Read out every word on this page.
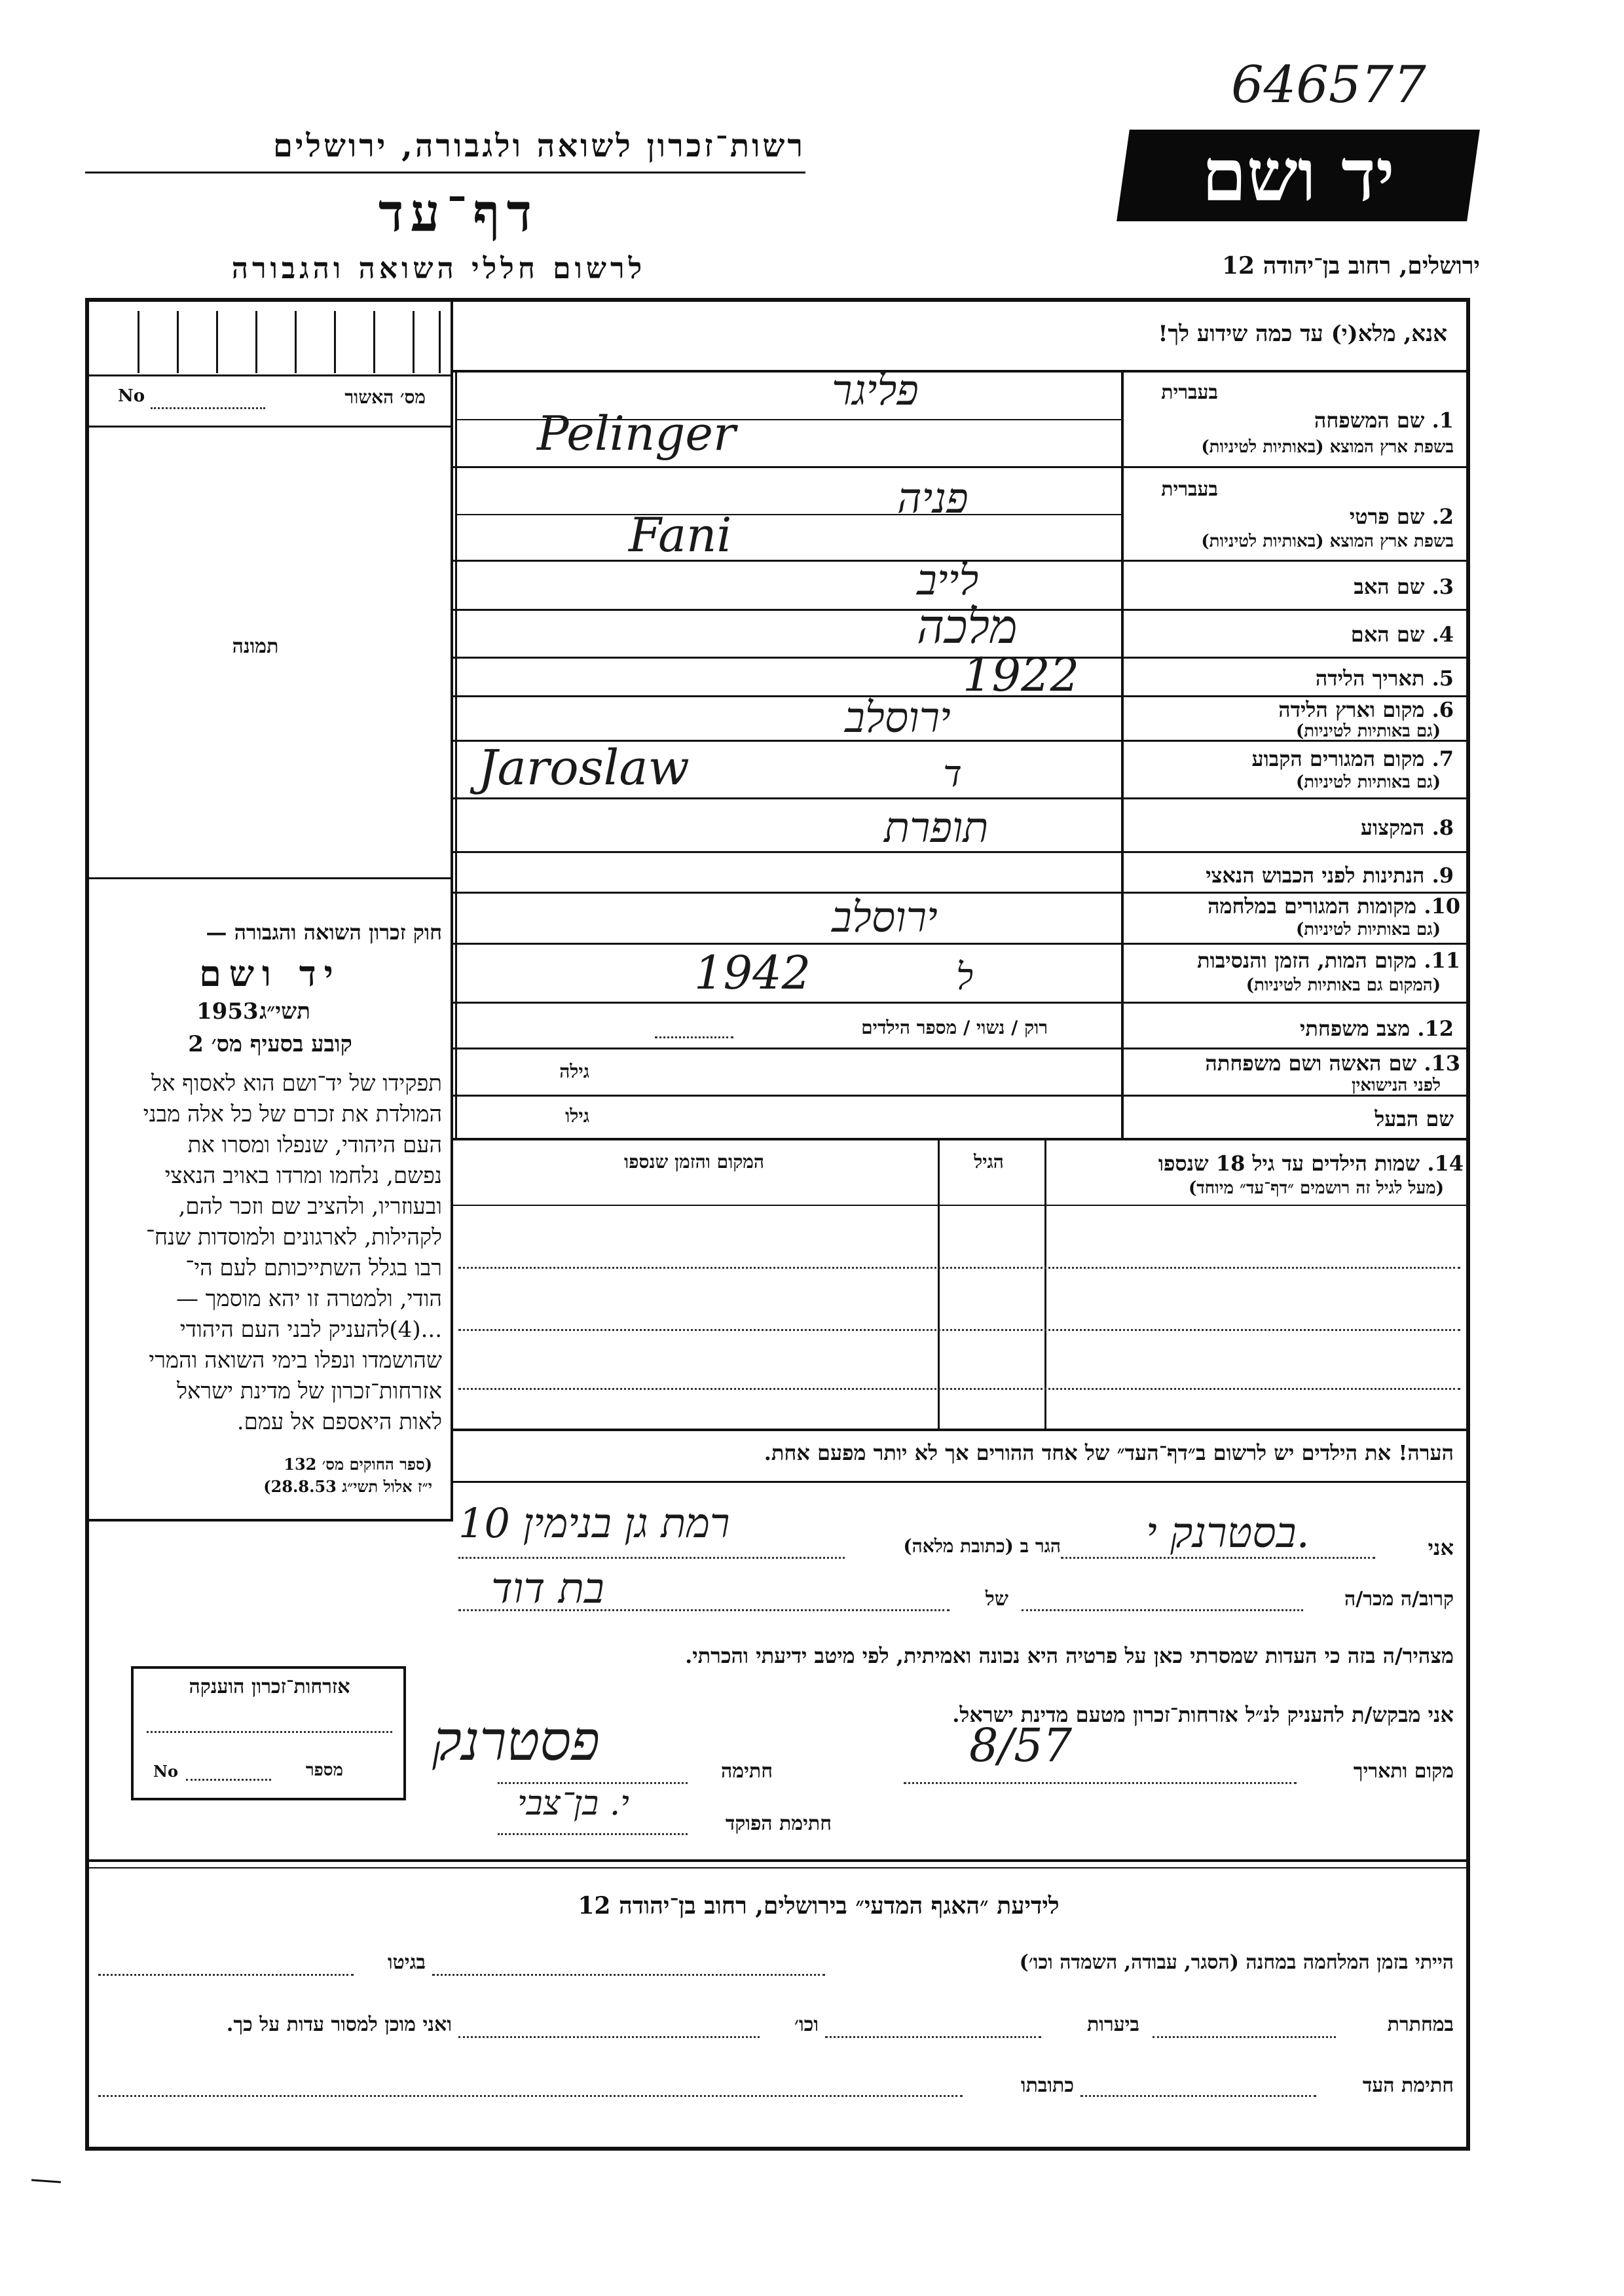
646577
רשות־זכרון לשואה ולגבורה, ירושלים
דף־עד
לרשום חללי השואה והגבורה
יד ושם
ירושלים, רחוב בן־יהודה 12
מס׳ האשור
No
תמונה
חוק זכרון השואה והגבורה —
יד ושם
תשי״ג
1953
קובע בסעיף מס׳ 2
תפקידו של יד־ושם הוא לאסוף אל
המולדת את זכרם של כל אלה מבני
העם היהודי, שנפלו ומסרו את
נפשם, נלחמו ומרדו באויב הנאצי
ובעוזריו, ולהציב שם וזכר להם,
לקהילות, לארגונים ולמוסדות שנח־
רבו בגלל השתייכותם לעם הי־
הודי, ולמטרה זו יהא מוסמך —
...(4)להעניק לבני העם היהודי
שהושמדו ונפלו בימי השואה והמרי
אזרחות־זכרון של מדינת ישראל
לאות היאספם אל עמם.
(ספר החוקים מס׳ 132
י״ז אלול תשי״ג 28.8.53)
אנא, מלא(י) עד כמה שידוע לך!
בעברית
1. שם המשפחה
בשפת ארץ המוצא (באותיות לטיניות)
בעברית
2. שם פרטי
בשפת ארץ המוצא (באותיות לטיניות)
3. שם האב
4. שם האם
5. תאריך הלידה
6. מקום וארץ הלידה
(גם באותיות לטיניות)
7. מקום המגורים הקבוע
(גם באותיות לטיניות)
8. המקצוע
9. הנתינות לפני הכבוש הנאצי
10. מקומות המגורים במלחמה
(גם באותיות לטיניות)
11. מקום המות, הזמן והנסיבות
(המקום גם באותיות לטיניות)
12. מצב משפחתי
רוק / נשוי / מספר הילדים
13. שם האשה ושם משפחתה
לפני הנישואין
גילה
שם הבעל
גילו
14. שמות הילדים עד גיל 18 שנספו
(מעל לגיל זה רושמים ״דף־עד״ מיוחד)
הגיל
המקום והזמן שנספו
הערה! את הילדים יש לרשום ב״דף־העד״ של אחד ההורים אך לא יותר מפעם אחת.
פליגר
Pelinger
פניה
Fani
לייב
מלכה
1922
ירוסלב
Jaroslaw	ד
תופרת
ירוסלב
1942	ל
אני
בסטרנק י.
הגר ב (כתובת מלאה)
רמת גן בנימין 10
קרוב/ה מכר/ה
של
בת דוד
מצהיר/ה בזה כי העדות שמסרתי כאן על פרטיה היא נכונה ואמיתית, לפי מיטב ידיעתי והכרתי.
אני מבקש/ת להעניק לנ״ל אזרחות־זכרון מטעם מדינת ישראל.
מקום ותאריך
8/57
חתימה
פסטרנק
חתימת הפוקד
י. בן־צבי
אזרחות־זכרון הוענקה
מספר
No
לידיעת ״האגף המדעי״ בירושלים, רחוב בן־יהודה 12
הייתי בזמן המלחמה במחנה (הסגר, עבודה, השמדה וכו׳)
בגיטו
במחתרת
ביערות
וכו׳
ואני מוכן למסור עדות על כך.
חתימת העד
כתובתו
